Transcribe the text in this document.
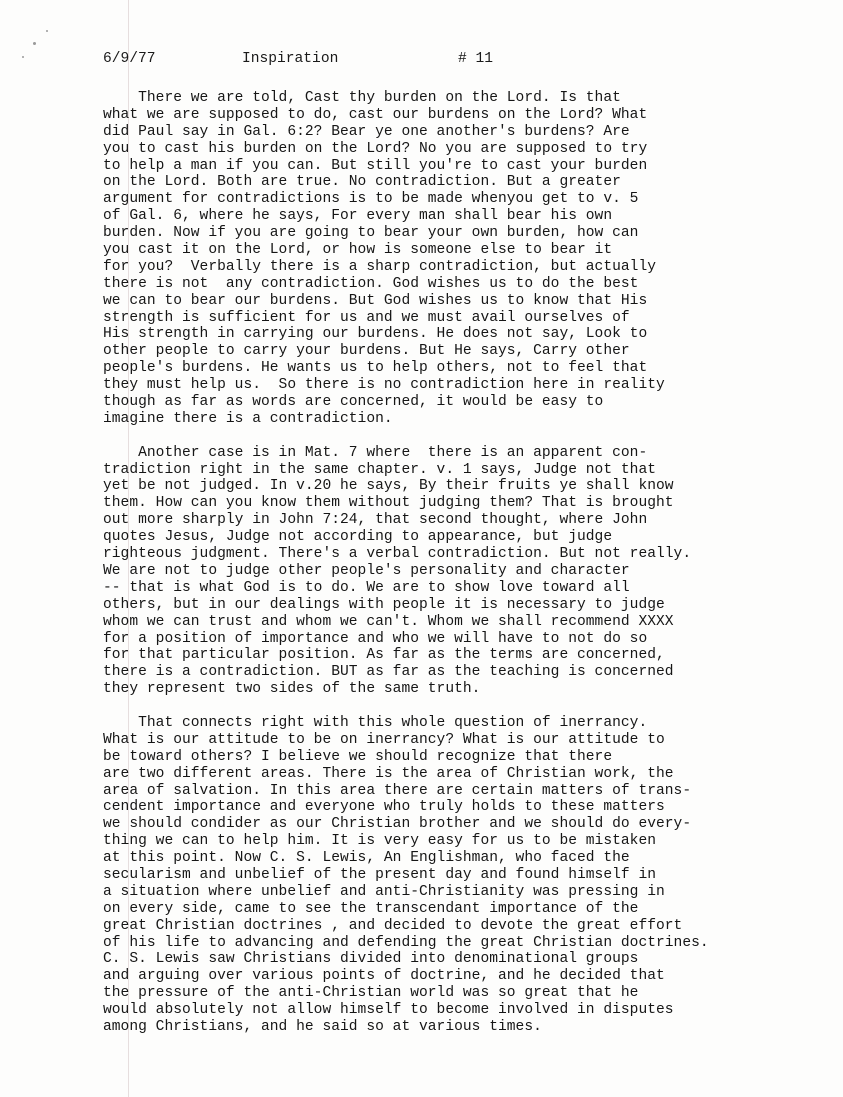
6/9/77	Inspiration	# 11
There we are told, Cast thy burden on the Lord. Is that
what we are supposed to do, cast our burdens on the Lord? What
did Paul say in Gal. 6:2? Bear ye one another's burdens? Are
you to cast his burden on the Lord? No you are supposed to try
to help a man if you can. But still you're to cast your burden
on the Lord. Both are true. No contradiction. But a greater
argument for contradictions is to be made whenyou get to v. 5
of Gal. 6, where he says, For every man shall bear his own
burden. Now if you are going to bear your own burden, how can
you cast it on the Lord, or how is someone else to bear it
for you?  Verbally there is a sharp contradiction, but actually
there is not  any contradiction. God wishes us to do the best
we can to bear our burdens. But God wishes us to know that His
strength is sufficient for us and we must avail ourselves of
His strength in carrying our burdens. He does not say, Look to
other people to carry your burdens. But He says, Carry other
people's burdens. He wants us to help others, not to feel that
they must help us.  So there is no contradiction here in reality
though as far as words are concerned, it would be easy to
imagine there is a contradiction.
Another case is in Mat. 7 where  there is an apparent con-
tradiction right in the same chapter. v. 1 says, Judge not that
yet be not judged. In v.20 he says, By their fruits ye shall know
them. How can you know them without judging them? That is brought
out more sharply in John 7:24, that second thought, where John
quotes Jesus, Judge not according to appearance, but judge
righteous judgment. There's a verbal contradiction. But not really.
We are not to judge other people's personality and character
-- that is what God is to do. We are to show love toward all
others, but in our dealings with people it is necessary to judge
whom we can trust and whom we can't. Whom we shall recommend XXXX
for a position of importance and who we will have to not do so
for that particular position. As far as the terms are concerned,
there is a contradiction. BUT as far as the teaching is concerned
they represent two sides of the same truth.
That connects right with this whole question of inerrancy.
What is our attitude to be on inerrancy? What is our attitude to
be toward others? I believe we should recognize that there
are two different areas. There is the area of Christian work, the
area of salvation. In this area there are certain matters of trans-
cendent importance and everyone who truly holds to these matters
we should condider as our Christian brother and we should do every-
thing we can to help him. It is very easy for us to be mistaken
at this point. Now C. S. Lewis, An Englishman, who faced the
secularism and unbelief of the present day and found himself in
a situation where unbelief and anti-Christianity was pressing in
on every side, came to see the transcendant importance of the
great Christian doctrines , and decided to devote the great effort
of his life to advancing and defending the great Christian doctrines.
C. S. Lewis saw Christians divided into denominational groups
and arguing over various points of doctrine, and he decided that
the pressure of the anti-Christian world was so great that he
would absolutely not allow himself to become involved in disputes
among Christians, and he said so at various times.
